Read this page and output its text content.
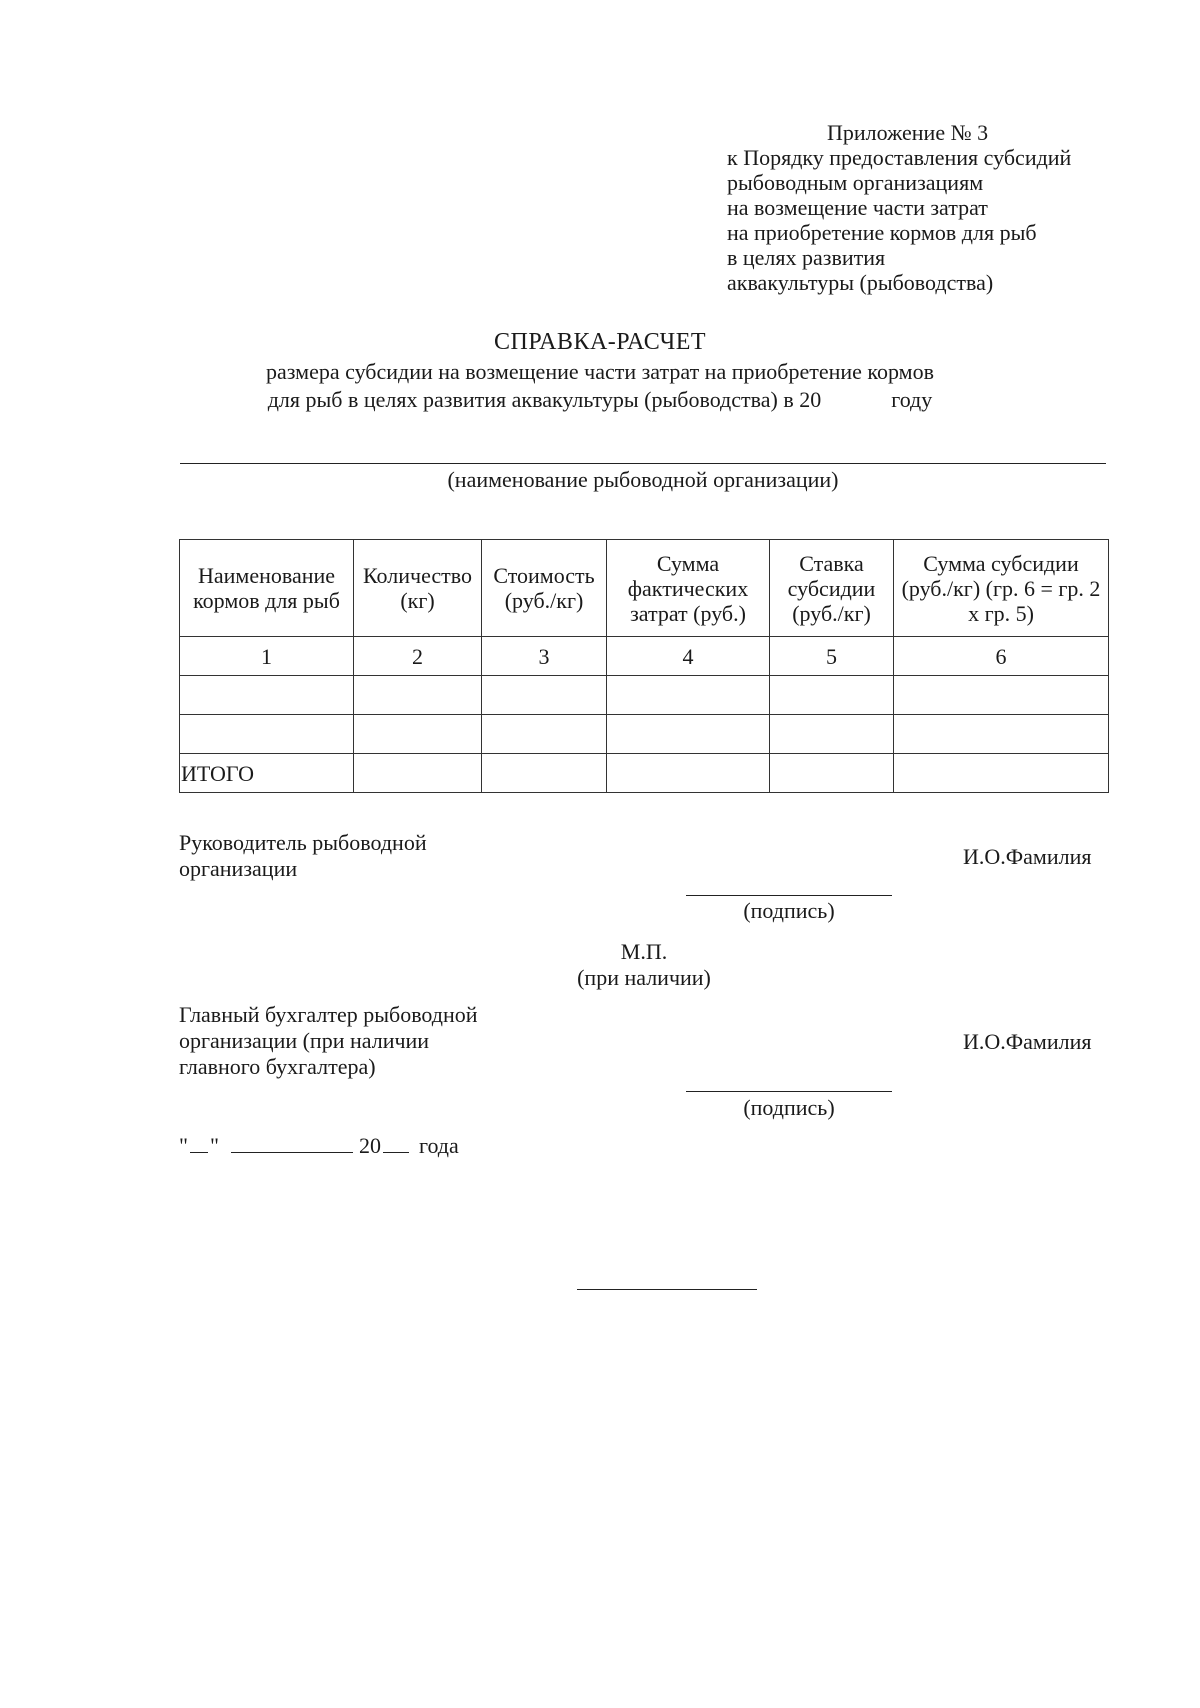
Приложение № 3
к Порядку предоставления субсидий
рыбоводным организациям
на возмещение части затрат
на приобретение кормов для рыб
в целях развития
аквакультуры (рыбоводства)
СПРАВКА-РАСЧЕТ
размера субсидии на возмещение части затрат на приобретение кормов
для рыб в целях развития аквакультуры (рыбоводства) в 20	году
(наименование рыбоводной организации)
Наименование кормов для рыб	Количество (кг)	Стоимость (руб./кг)	Сумма фактических затрат (руб.)	Ставка субсидии (руб./кг)	Сумма субсидии (руб./кг) (гр. 6 = гр. 2 х гр. 5)
1	2	3	4	5	6

ИТОГО					
Руководитель рыбоводной
организации	И.О.Фамилия
(подпись)
М.П.
(при наличии)
Главный бухгалтер рыбоводной
организации (при наличии
главного бухгалтера)
И.О.Фамилия
(подпись)
" "	20 года
